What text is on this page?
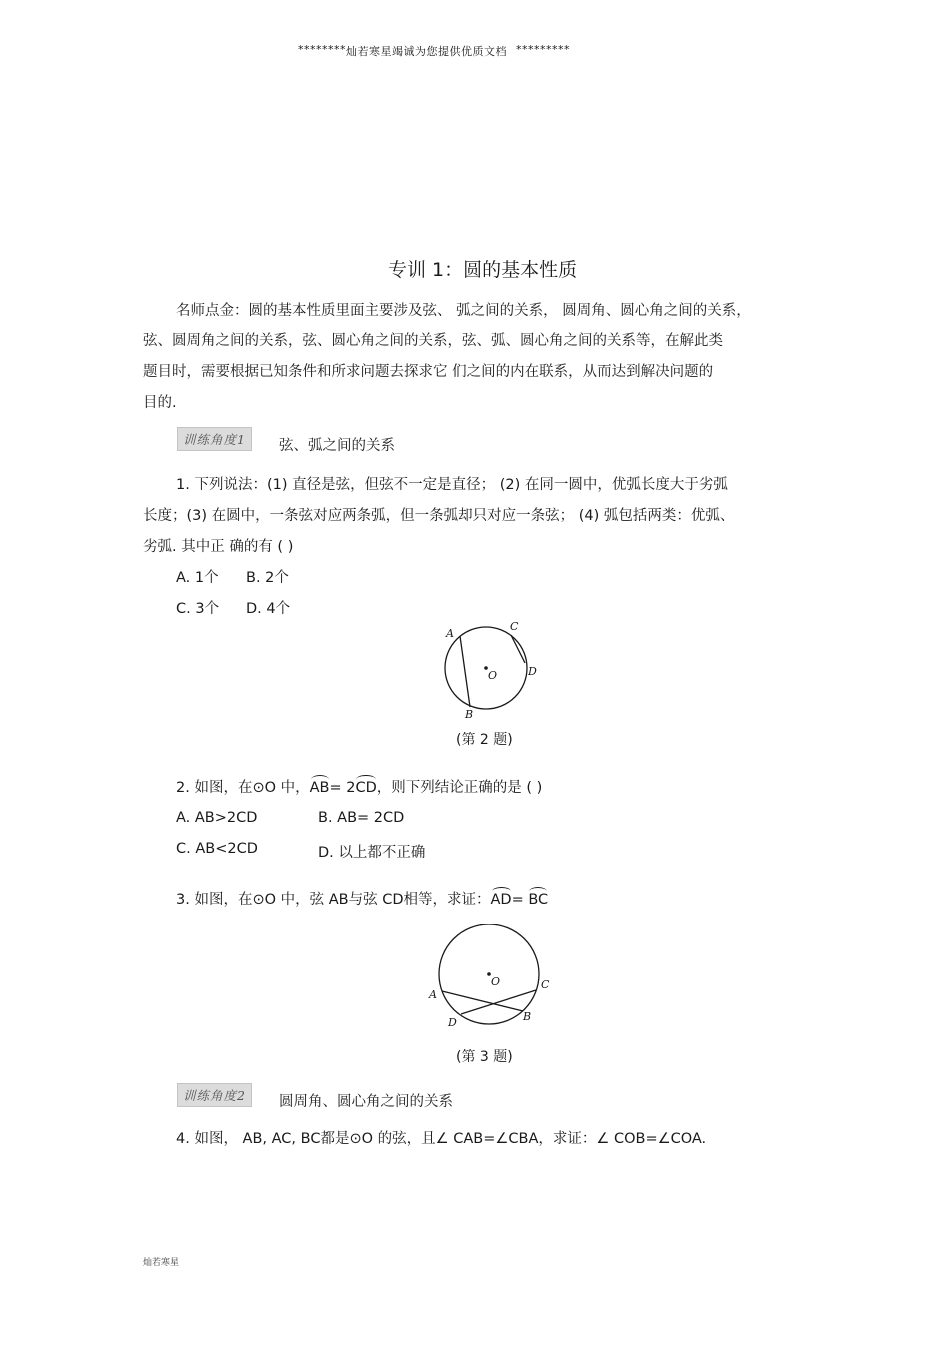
******** 灿若寒星竭诚为您提供优质文档 *********
专训 1：圆的基本性质
名师点金：圆的基本性质里面主要涉及弦、 弧之间的关系， 圆周角、圆心角之间的关系，
弦、圆周角之间的关系，弦、圆心角之间的关系，弦、弧、圆心角之间的关系等，在解此类
题目时，需要根据已知条件和所求问题去探求它 们之间的内在联系，从而达到解决问题的
目的.
训练角度1	弦、弧之间的关系
1. 下列说法：(1) 直径是弦，但弦不一定是直径； (2) 在同一圆中，优弧长度大于劣弧
长度；(3) 在圆中，一条弦对应两条弧，但一条弧却只对应一条弦； (4) 弧包括两类：优弧、
劣弧. 其中正 确的有 ( )
A. 1个 B. 2个
C. 3个 D. 4个
A
C
D
O
B
(第 2 题)
2. 如图，在⊙O 中，AB= 2CD，则下列结论正确的是 ( )
A. AB>2CD	B. AB= 2CD
C. AB<2CD	D. 以上都不正确
3. 如图，在⊙O 中，弦 AB与弦 CD相等，求证：AD= BC
O
A
C
D	B
(第 3 题)
训练角度2	圆周角、圆心角之间的关系
4. 如图， AB, AC, BC都是⊙O 的弦，且∠ CAB=∠CBA，求证：∠ COB=∠COA.
灿若寒星
